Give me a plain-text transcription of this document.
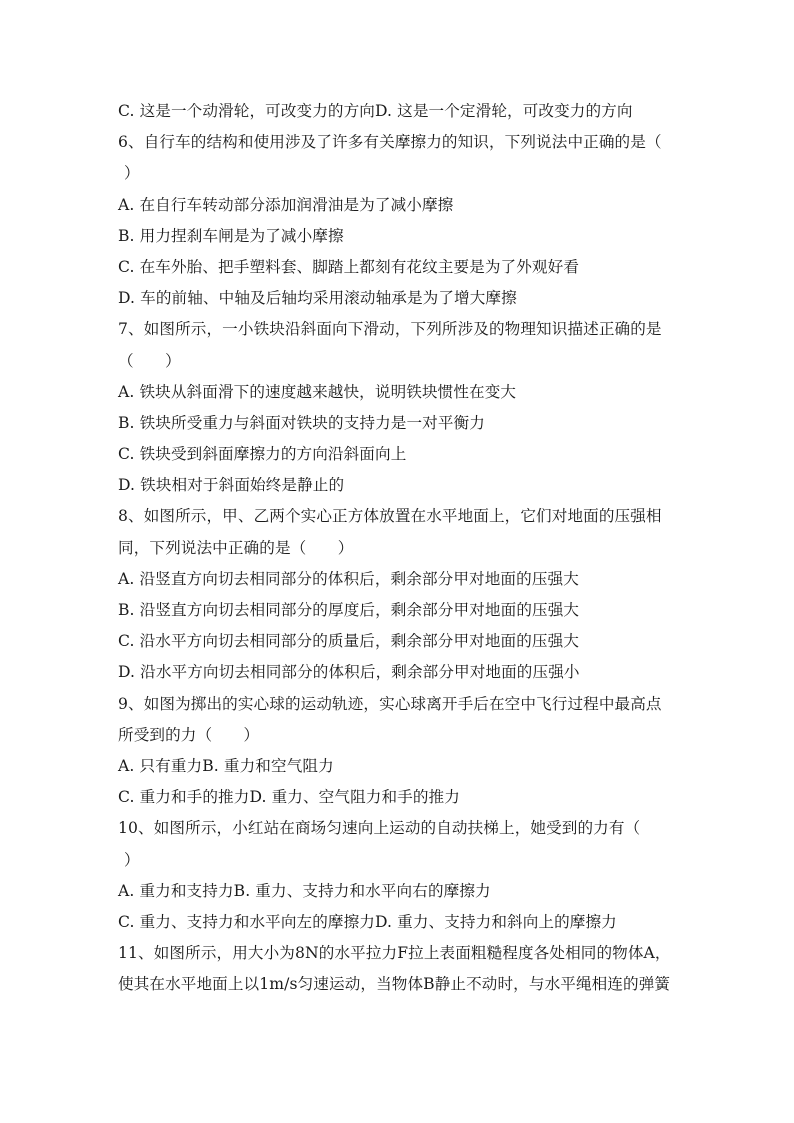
C. 这是一个动滑轮，可改变力的方向D. 这是一个定滑轮，可改变力的方向
6、自行车的结构和使用涉及了许多有关摩擦力的知识，下列说法中正确的是（
）
A. 在自行车转动部分添加润滑油是为了减小摩擦
B. 用力捏刹车闸是为了减小摩擦
C. 在车外胎、把手塑料套、脚踏上都刻有花纹主要是为了外观好看
D. 车的前轴、中轴及后轴均采用滚动轴承是为了增大摩擦
7、如图所示，一小铁块沿斜面向下滑动，下列所涉及的物理知识描述正确的是
（　　）
A. 铁块从斜面滑下的速度越来越快，说明铁块惯性在变大
B. 铁块所受重力与斜面对铁块的支持力是一对平衡力
C. 铁块受到斜面摩擦力的方向沿斜面向上
D. 铁块相对于斜面始终是静止的
8、如图所示，甲、乙两个实心正方体放置在水平地面上，它们对地面的压强相
同，下列说法中正确的是（　　）
A. 沿竖直方向切去相同部分的体积后，剩余部分甲对地面的压强大
B. 沿竖直方向切去相同部分的厚度后，剩余部分甲对地面的压强大
C. 沿水平方向切去相同部分的质量后，剩余部分甲对地面的压强大
D. 沿水平方向切去相同部分的体积后，剩余部分甲对地面的压强小
9、如图为掷出的实心球的运动轨迹，实心球离开手后在空中飞行过程中最高点
所受到的力（　　）
A. 只有重力B. 重力和空气阻力
C. 重力和手的推力D. 重力、空气阻力和手的推力
10、如图所示，小红站在商场匀速向上运动的自动扶梯上，她受到的力有（
）
A. 重力和支持力B. 重力、支持力和水平向右的摩擦力
C. 重力、支持力和水平向左的摩擦力D. 重力、支持力和斜向上的摩擦力
11、如图所示，用大小为8N的水平拉力F拉上表面粗糙程度各处相同的物体A，
使其在水平地面上以1m/s匀速运动，当物体B静止不动时，与水平绳相连的弹簧
